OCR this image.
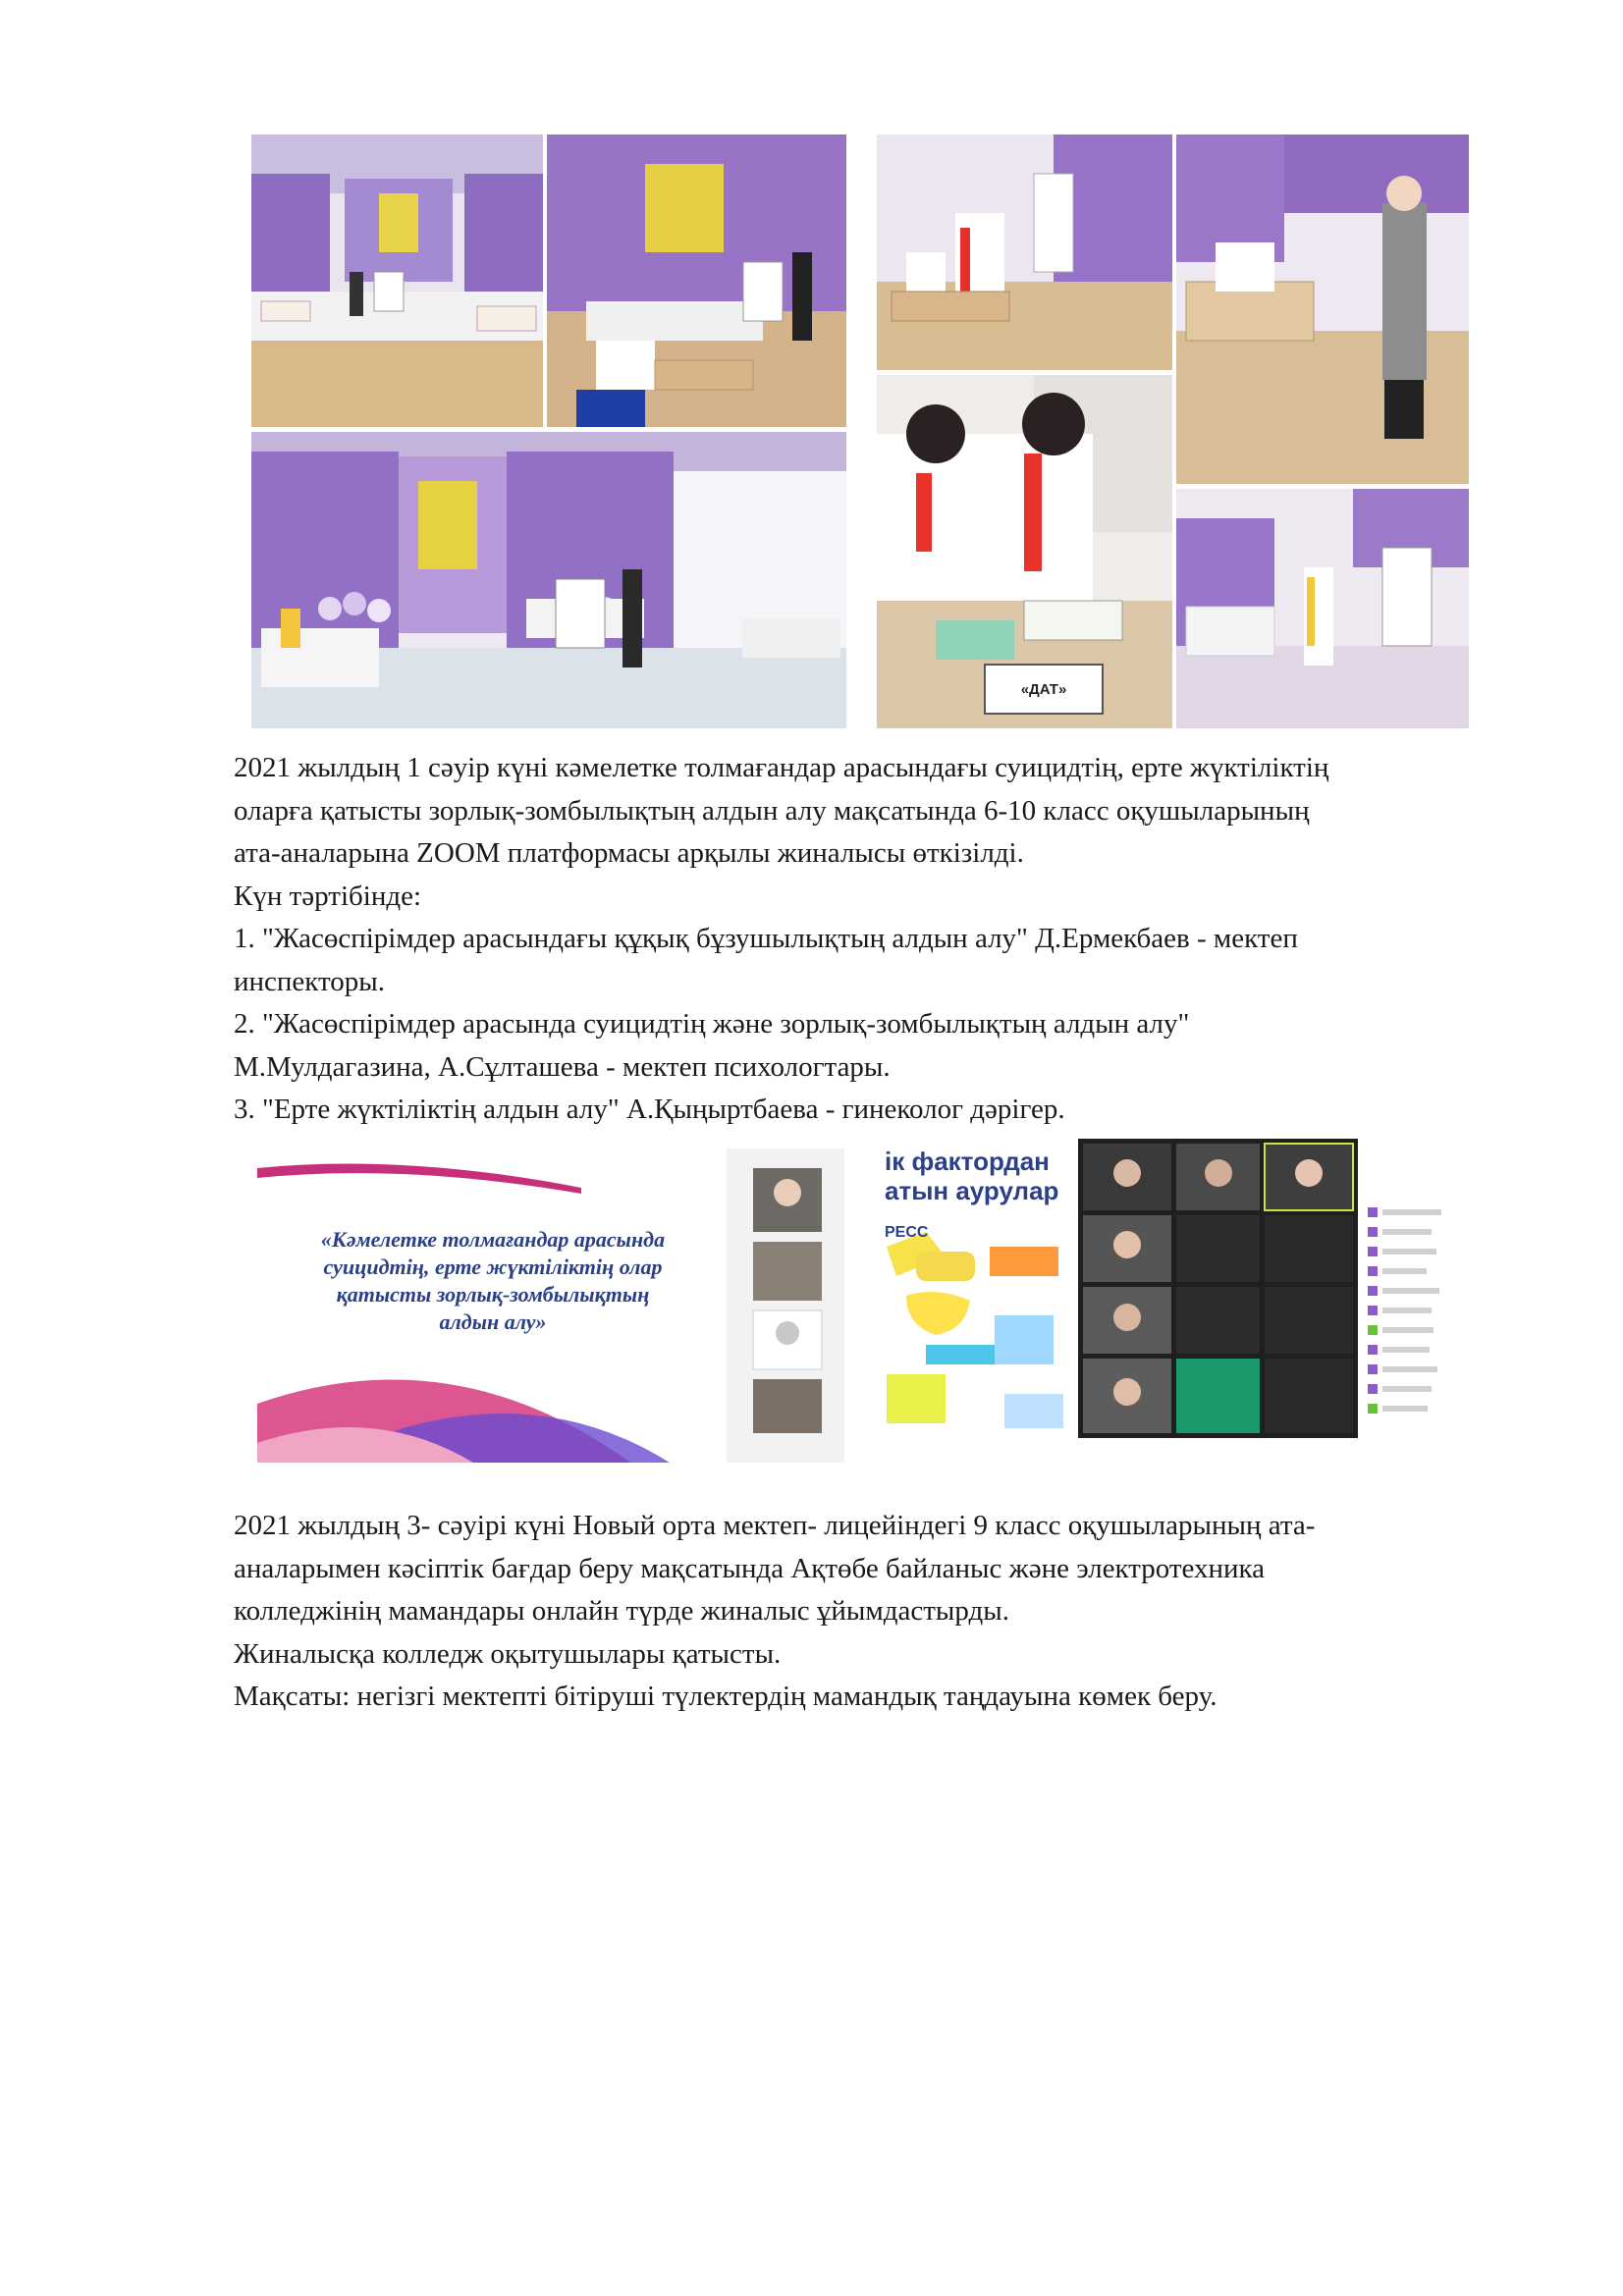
«ДАТ»

2021 жылдың 1 сәуір күні кәмелетке толмағандар арасындағы суицидтің, ерте жүктіліктің

оларға қатысты зорлық-зомбылықтың алдын алу мақсатында 6-10 класс оқушыларының

ата-аналарына ZOOM платформасы арқылы жиналысы өткізілді.

Күн тәртібінде:

1. "Жасөспірімдер арасындағы құқық бұзушылықтың алдын алу" Д.Ермекбаев - мектеп

инспекторы.

2. "Жасөспірімдер арасында суицидтің және зорлық-зомбылықтың алдын алу"

М.Мулдагазина, А.Сұлташева - мектеп психологтары.

3. "Ерте жүктіліктің алдын алу" А.Қыңыртбаева - гинеколог дәрігер.

«Кәмелетке толмағандар арасында
суицидтің, ерте жүктіліктің олар
қатысты зорлық-зомбылықтың
алдын алу»
ік фактордан
атын аурулар
РЕСС

2021 жылдың 3- сәуірі күні Новый орта мектеп- лицейіндегі 9 класс оқушыларының ата-

аналарымен кәсіптік бағдар беру мақсатында Ақтөбе байланыс және электротехника

колледжінің мамандары онлайн түрде жиналыс ұйымдастырды.

Жиналысқа колледж оқытушылары қатысты.

Мақсаты: негізгі мектепті бітіруші түлектердің мамандық таңдауына көмек беру.
